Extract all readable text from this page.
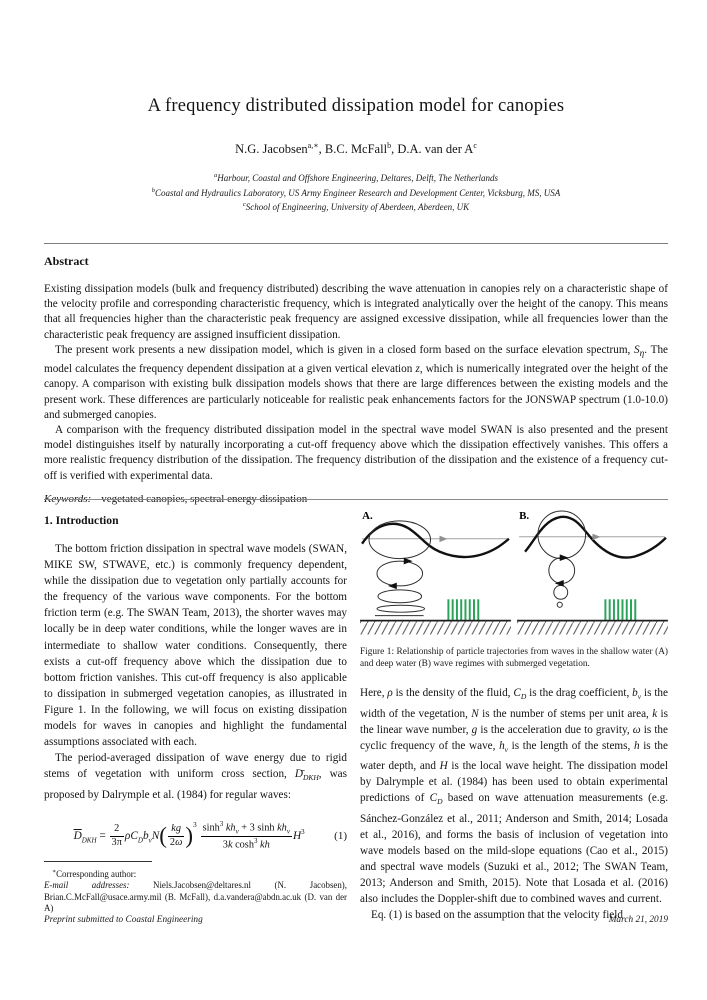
A frequency distributed dissipation model for canopies
N.G. Jacobsen$^{a,∗}$, B.C. McFall$^b$, D.A. van der $A^c$
$^a$Harbour, Coastal and Offshore Engineering, Deltares, Delft, The Netherlands
$^b$Coastal and Hydraulics Laboratory, US Army Engineer Research and Development Center, Vicksburg, MS, USA
$^c$School of Engineering, University of Aberdeen, Aberdeen, UK
Abstract

Existing dissipation models (bulk and frequency distributed) describing the wave attenuation in canopies rely on a characteristic shape of the velocity profile and corresponding characteristic frequency, which is integrated analytically over the height of the canopy. This means that all frequencies higher than the characteristic peak frequency are assigned excessive dissipation, while all frequencies lower than the characteristic peak frequency are assigned insufficient dissipation.

The present work presents a new dissipation model, which is given in a closed form based on the surface elevation spectrum, $S_\eta$. The model calculates the frequency dependent dissipation at a given vertical elevation z, which is numerically integrated over the height of the canopy. A comparison with existing bulk dissipation models shows that there are large differences between the existing models and the present work. These differences are particularly noticeable for realistic peak enhancements factors for the JONSWAP spectrum (1.0-10.0) and submerged canopies.

A comparison with the frequency distributed dissipation model in the spectral wave model SWAN is also presented and the present model distinguishes itself by naturally incorporating a cut-off frequency above which the dissipation effectively vanishes. This offers a more realistic frequency distribution of the dissipation. The frequency distribution of the dissipation and the existence of a frequency cut-off is verified with experimental data.

Keywords: vegetated canopies, spectral energy dissipation
1. Introduction

The bottom friction dissipation in spectral wave models (SWAN, MIKE SW, STWAVE, etc.) is commonly frequency dependent, while the dissipation due to vegetation only partially accounts for the frequency of the various wave components. For the bottom friction term (e.g. The SWAN Team, 2013), the shorter waves may locally be in deep water conditions, while the longer waves are in intermediate to shallow water conditions. Consequently, there exists a cut-off frequency above which the dissipation due to bottom friction vanishes. This cut-off frequency is also applicable to dissipation in submerged vegetation canopies, as illustrated in Figure 1. In the following, we will focus on existing dissipation models for waves in canopies and highlight the fundamental assumptions associated with each.

The period-averaged dissipation of wave energy due to rigid stems of vegetation with uniform cross section, $D_{DKH}$, was proposed by Dalrymple et al. (1984) for regular waves:

$\overline{D}_{DKH} = \frac{2}{3\pi} \rho C_Db_vN( \frac{kg}{2\omega} )^3 \frac{\sinh^3 kh_v + 3 \sinh kh_v}{3k \cosh^3 kh} H^3$	(1)
A.	B.
Figure 1: Relationship of particle trajectories from waves in the shallow water (A) and deep water (B) wave regimes with submerged vegetation.

Here, ρ is the density of the fluid, $C_D$ is the drag coefficient, $b_v$ is the width of the vegetation, N is the number of stems per unit area, k is the linear wave number, g is the acceleration due to gravity, ω is the cyclic frequency of the wave, $h_v$ is the length of the stems, h is the water depth, and H is the local wave height. The dissipation model by Dalrymple et al. (1984) has been used to obtain experimental predictions of $C_D$ based on wave attenuation measurements (e.g. Sánchez-González et al., 2011; Anderson and Smith, 2014; Losada et al., 2016), and forms the basis of inclusion of vegetation into wave models based on the mild-slope equations (Cao et al., 2015) and spectral wave models (Suzuki et al., 2012; The SWAN Team, 2013; Anderson and Smith, 2015). Note that Losada et al. (2016) also includes the Doppler-shift due to combined waves and current.

Eq. (1) is based on the assumption that the velocity field

∗Corresponding author:

E-mail addresses: Niels.Jacobsen@deltares.nl (N. Jacobsen), Brian.C.McFall@usace.army.mil (B. McFall), d.a.vandera@abdn.ac.uk (D. van der A)

Preprint submitted to Coastal Engineering	March 21, 2019
